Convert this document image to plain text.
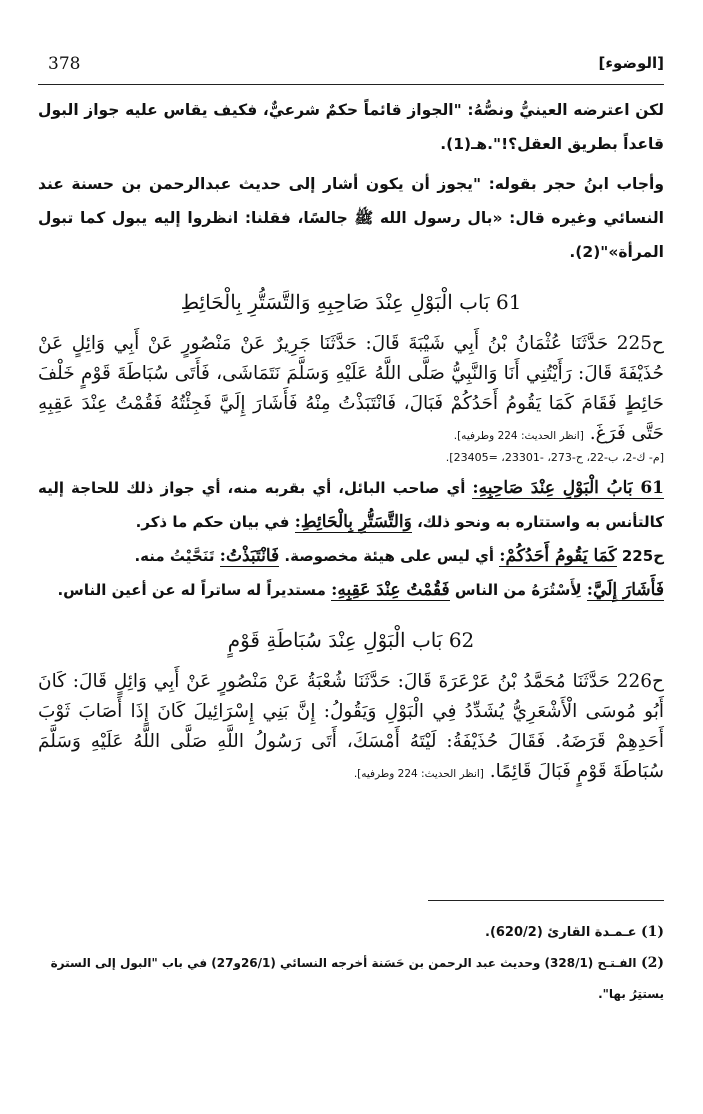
378	[الوضوء]

لكن اعترضه العينيُّ ونصُّهُ: "الجواز قائماً حكمٌ شرعيٌّ، فكيف يقاس عليه جواز البول قاعداً بطريق العقل؟!".هـ(1).

وأجاب ابنُ حجر بقوله: "يجوز أن يكون أشار إلى حديث عبدالرحمن بن حسنة عند النسائي وغيره قال: «بال رسول الله ﷺ جالسًا، فقلنا: انظروا إليه يبول كما تبول المرأة»"(2).

61 بَاب الْبَوْلِ عِنْدَ صَاحِبِهِ وَالتَّسَتُّرِ بِالْحَائِطِ

ح225 حَدَّثَنَا عُثْمَانُ بْنُ أَبِي شَيْبَةَ قَالَ: حَدَّثَنَا جَرِيرٌ عَنْ مَنْصُورٍ عَنْ أَبِي وَائِلٍ عَنْ حُذَيْفَةَ قَالَ: رَأَيْتُنِي أَنَا وَالنَّبِيُّ صَلَّى اللَّهُ عَلَيْهِ وَسَلَّمَ نَتَمَاشَى، فَأَتَى سُبَاطَةَ قَوْمٍ خَلْفَ حَائِطٍ فَقَامَ كَمَا يَقُومُ أَحَدُكُمْ فَبَالَ، فَانْتَبَذْتُ مِنْهُ فَأَشَارَ إِلَيَّ فَجِئْتُهُ فَقُمْتُ عِنْدَ عَقِبِهِ حَتَّى فَرَغَ. [انظر الحديث: 224 وطرفيه].

[م- ك-2، ب-22، ح-273، -23301، =23405].

61 بَابُ الْبَوْلِ عِنْدَ صَاحِبِهِ: أي صاحب البائل، أي بقربه منه، أي جواز ذلك للحاجة إليه كالتأنس به واستتاره به ونحو ذلك، وَالتَّسَتُّرِ بِالْحَائِطِ: في بيان حكم ما ذكر.

ح225 كَمَا يَقُومُ أَحَدُكُمْ: أي ليس على هيئة مخصوصة. فَانْتَبَذْتُ: تَنَحَّيْتُ منه.

فَأَشَارَ إِلَيَّ: لِأَسْتُرَهُ من الناس فَقُمْتُ عِنْدَ عَقِبِهِ: مستديراً له ساتراً له عن أعين الناس.

62 بَاب الْبَوْلِ عِنْدَ سُبَاطَةِ قَوْمٍ

ح226 حَدَّثَنَا مُحَمَّدُ بْنُ عَرْعَرَةَ قَالَ: حَدَّثَنَا شُعْبَةُ عَنْ مَنْصُورٍ عَنْ أَبِي وَائِلٍ قَالَ: كَانَ أَبُو مُوسَى الْأَشْعَرِيُّ يُشَدِّدُ فِي الْبَوْلِ وَيَقُولُ: إِنَّ بَنِي إِسْرَائِيلَ كَانَ إِذَا أَصَابَ ثَوْبَ أَحَدِهِمْ قَرَضَهُ. فَقَالَ حُذَيْفَةُ: لَيْتَهُ أَمْسَكَ، أَتَى رَسُولُ اللَّهِ صَلَّى اللَّهُ عَلَيْهِ وَسَلَّمَ سُبَاطَةَ قَوْمٍ فَبَالَ قَائِمًا. [انظر الحديث: 224 وطرفيه].

(1) عـمـدة القارئ (620/2).

(2) الفـتـح (328/1) وحديث عبد الرحمن بن حَسَنة أخرجه النسائي (26/1و27) في باب "البول إلى السترة يستتِرُ بها".
